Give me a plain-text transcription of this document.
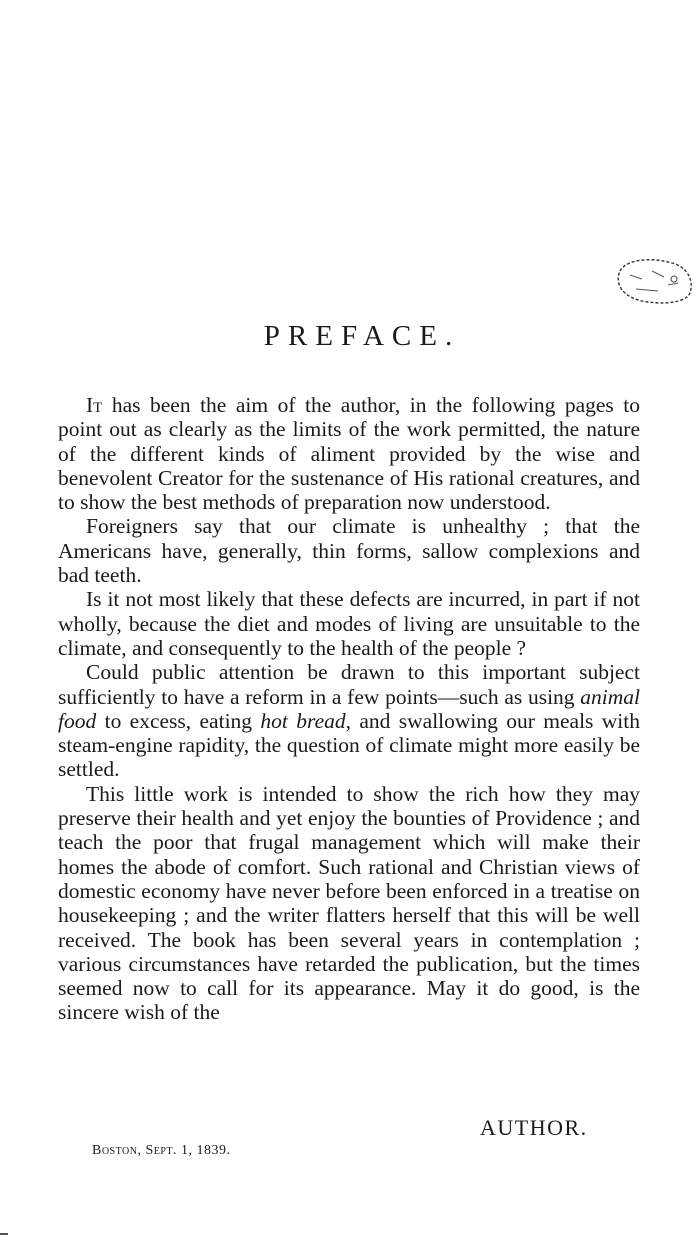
PREFACE.

It has been the aim of the author, in the following pages to point out as clearly as the limits of the work permitted, the nature of the different kinds of aliment provided by the wise and benevolent Creator for the sustenance of His rational creatures, and to show the best methods of preparation now understood.

Foreigners say that our climate is unhealthy ; that the Americans have, generally, thin forms, sallow complexions and bad teeth.

Is it not most likely that these defects are incurred, in part if not wholly, because the diet and modes of living are unsuitable to the climate, and consequently to the health of the people ?

Could public attention be drawn to this important subject sufficiently to have a reform in a few points—such as using animal food to excess, eating hot bread, and swallowing our meals with steam-engine rapidity, the question of climate might more easily be settled.

This little work is intended to show the rich how they may preserve their health and yet enjoy the bounties of Providence ; and teach the poor that frugal management which will make their homes the abode of comfort. Such rational and Christian views of domestic economy have never before been enforced in a treatise on housekeeping ; and the writer flatters herself that this will be well received. The book has been several years in contemplation ; various circumstances have retarded the publication, but the times seemed now to call for its appearance. May it do good, is the sincere wish of the

AUTHOR.
Boston, Sept. 1, 1839.
